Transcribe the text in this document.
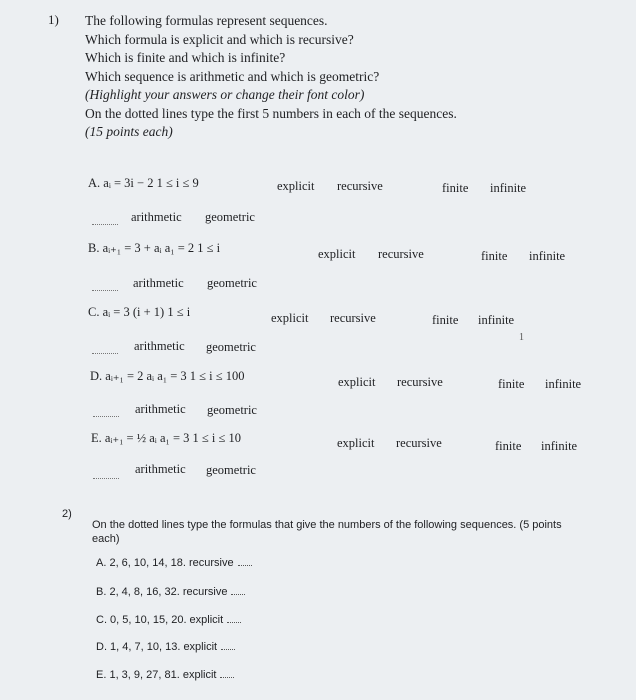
1) The following formulas represent sequences.
Which formula is explicit and which is recursive?
Which is finite and which is infinite?
Which sequence is arithmetic and which is geometric?
(Highlight your answers or change their font color)
On the dotted lines type the first 5 numbers in each of the sequences.
(15 points each)
A. aᵢ = 3i − 2 1 ≤ i ≤ 9	explicit recursive	finite infinite
arithmetic geometric
B. aᵢ₊₁ = 3 + aᵢ a₁ = 2 1 ≤ i	explicit recursive	finite infinite
arithmetic geometric
C. aᵢ = 3 (i + 1) 1 ≤ i	explicit recursive	finite infinite
1
arithmetic geometric
D. aᵢ₊₁ = 2 aᵢ a₁ = 3 1 ≤ i ≤ 100	explicit recursive	finite infinite
arithmetic geometric
E. aᵢ₊₁ = ½ aᵢ a₁ = 3 1 ≤ i ≤ 10	explicit recursive	finite infinite
arithmetic geometric
2)
On the dotted lines type the formulas that give the numbers of the following sequences. (5 points
each)
A. 2, 6, 10, 14, 18. recursive
B. 2, 4, 8, 16, 32. recursive
C. 0, 5, 10, 15, 20. explicit
D. 1, 4, 7, 10, 13. explicit
E. 1, 3, 9, 27, 81. explicit
